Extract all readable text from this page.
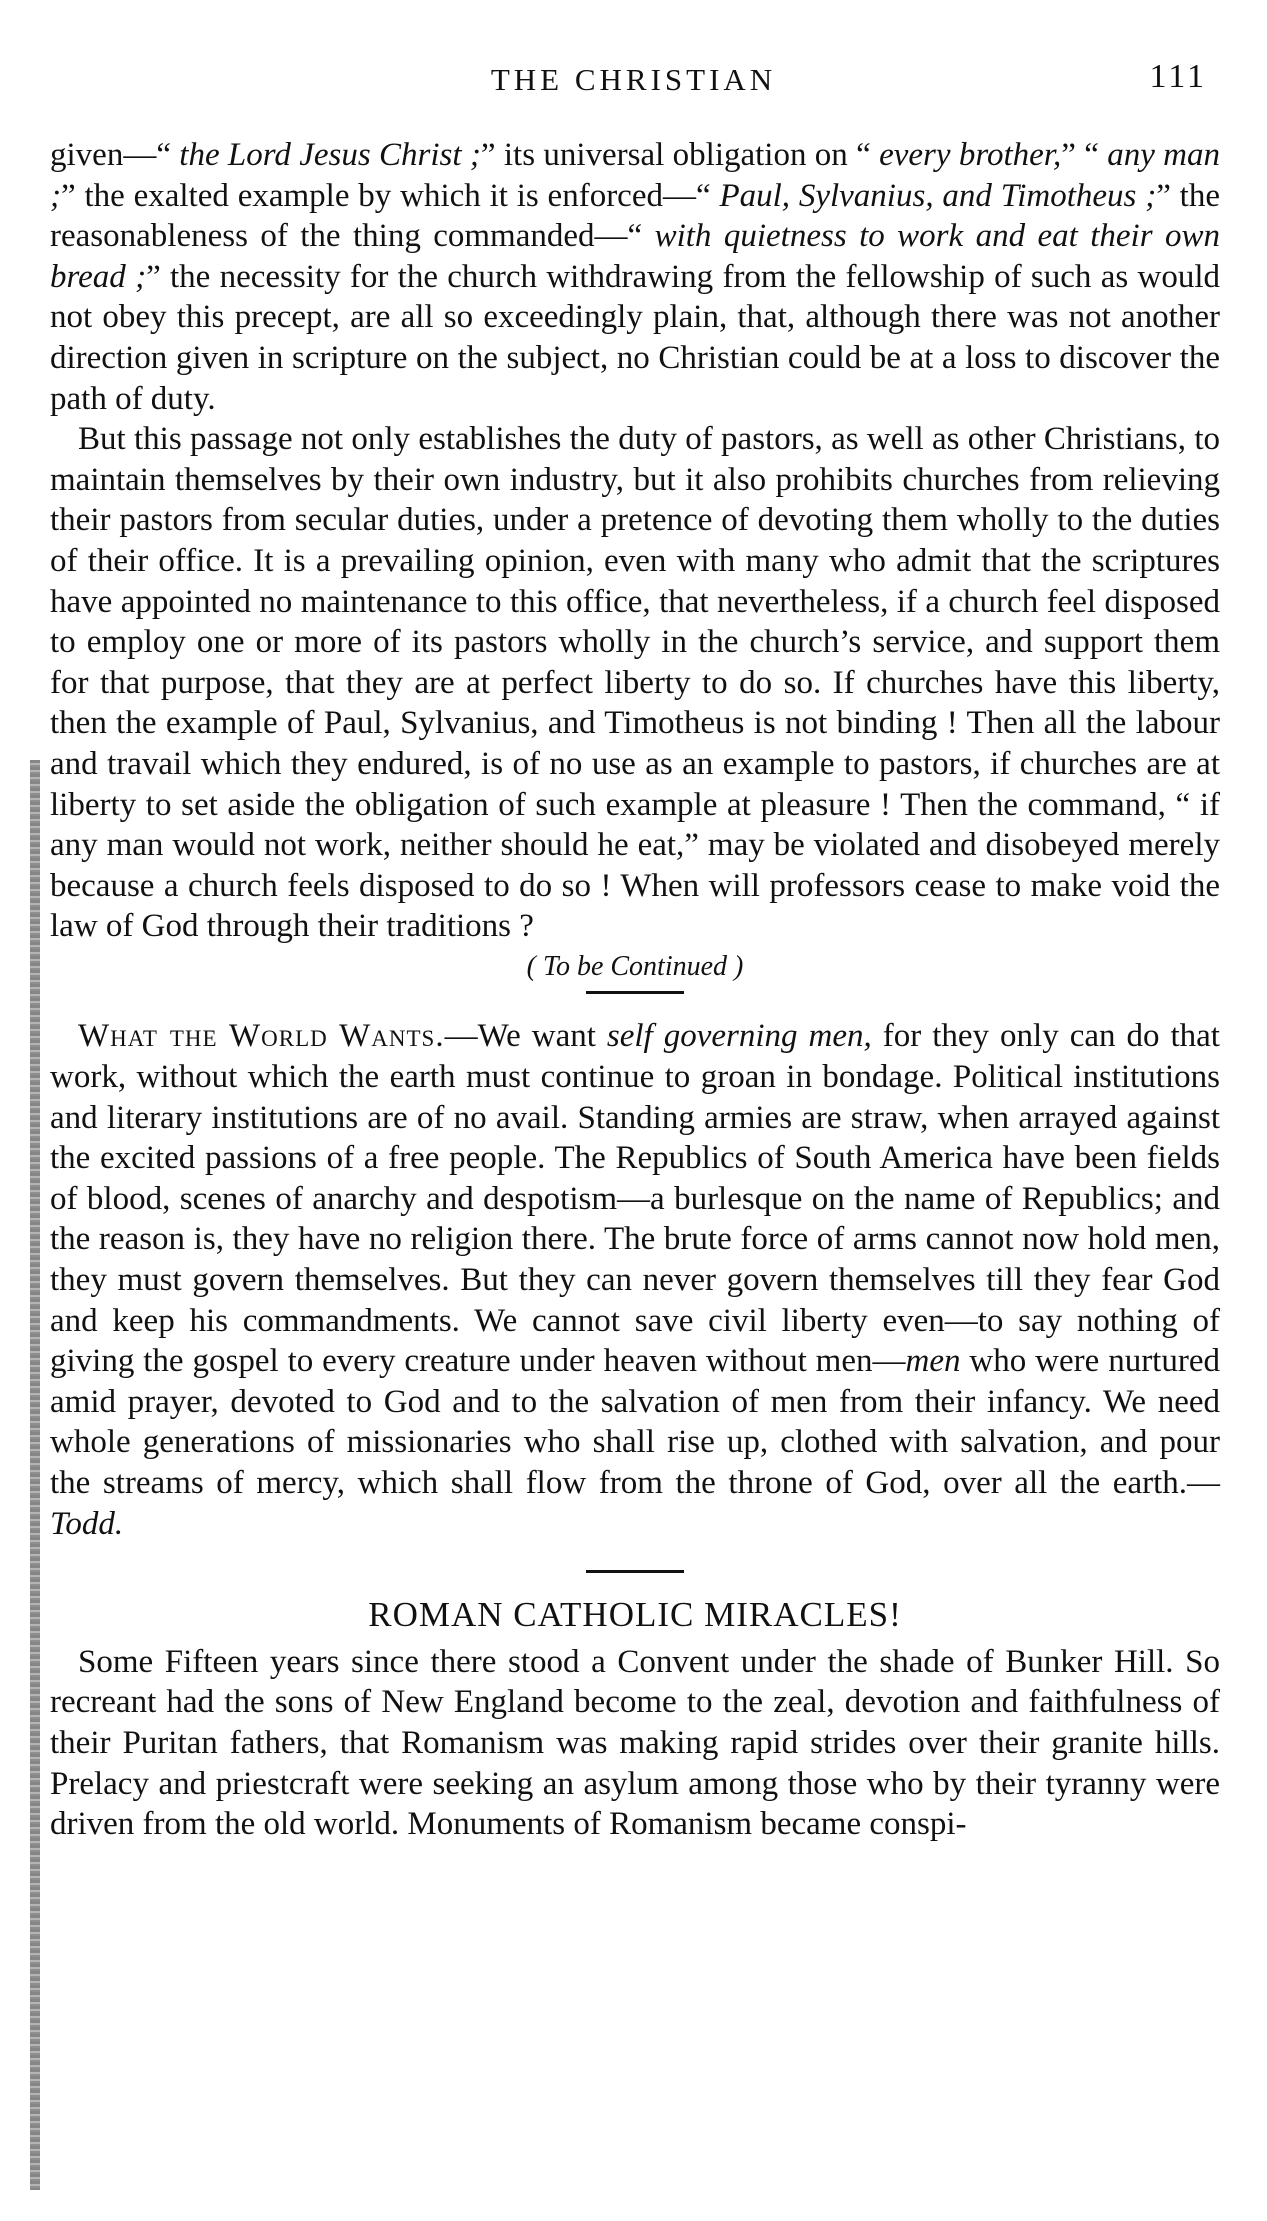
THE CHRISTIAN	111

given—“ the Lord Jesus Christ ;” its universal obligation on “ every brother,” “ any man ;” the exalted example by which it is enforced—“ Paul, Sylvanius, and Timotheus ;” the reasonableness of the thing commanded—“ with quietness to work and eat their own bread ;” the necessity for the church withdrawing from the fellowship of such as would not obey this precept, are all so exceedingly plain, that, although there was not another direction given in scripture on the subject, no Christian could be at a loss to discover the path of duty.

But this passage not only establishes the duty of pastors, as well as other Christians, to maintain themselves by their own industry, but it also prohibits churches from relieving their pastors from secular duties, under a pretence of devoting them wholly to the duties of their office. It is a prevailing opinion, even with many who admit that the scriptures have appointed no maintenance to this office, that nevertheless, if a church feel disposed to employ one or more of its pastors wholly in the church’s service, and support them for that purpose, that they are at perfect liberty to do so. If churches have this liberty, then the example of Paul, Sylvanius, and Timotheus is not binding ! Then all the labour and travail which they endured, is of no use as an example to pastors, if churches are at liberty to set aside the obligation of such example at pleasure ! Then the command, “ if any man would not work, neither should he eat,” may be violated and disobeyed merely because a church feels disposed to do so ! When will professors cease to make void the law of God through their traditions ?

( To be Continued )

What the World Wants.—We want self governing men, for they only can do that work, without which the earth must continue to groan in bondage. Political institutions and literary institutions are of no avail. Standing armies are straw, when arrayed against the excited passions of a free people. The Republics of South America have been fields of blood, scenes of anarchy and despotism—a burlesque on the name of Republics; and the reason is, they have no religion there. The brute force of arms cannot now hold men, they must govern themselves. But they can never govern themselves till they fear God and keep his commandments. We cannot save civil liberty even—to say nothing of giving the gospel to every creature under heaven without men—men who were nurtured amid prayer, devoted to God and to the salvation of men from their infancy. We need whole generations of missionaries who shall rise up, clothed with salvation, and pour the streams of mercy, which shall flow from the throne of God, over all the earth.—Todd.

ROMAN CATHOLIC MIRACLES!

Some Fifteen years since there stood a Convent under the shade of Bunker Hill. So recreant had the sons of New England become to the zeal, devotion and faithfulness of their Puritan fathers, that Romanism was making rapid strides over their granite hills. Prelacy and priestcraft were seeking an asylum among those who by their tyranny were driven from the old world. Monuments of Romanism became conspi-
